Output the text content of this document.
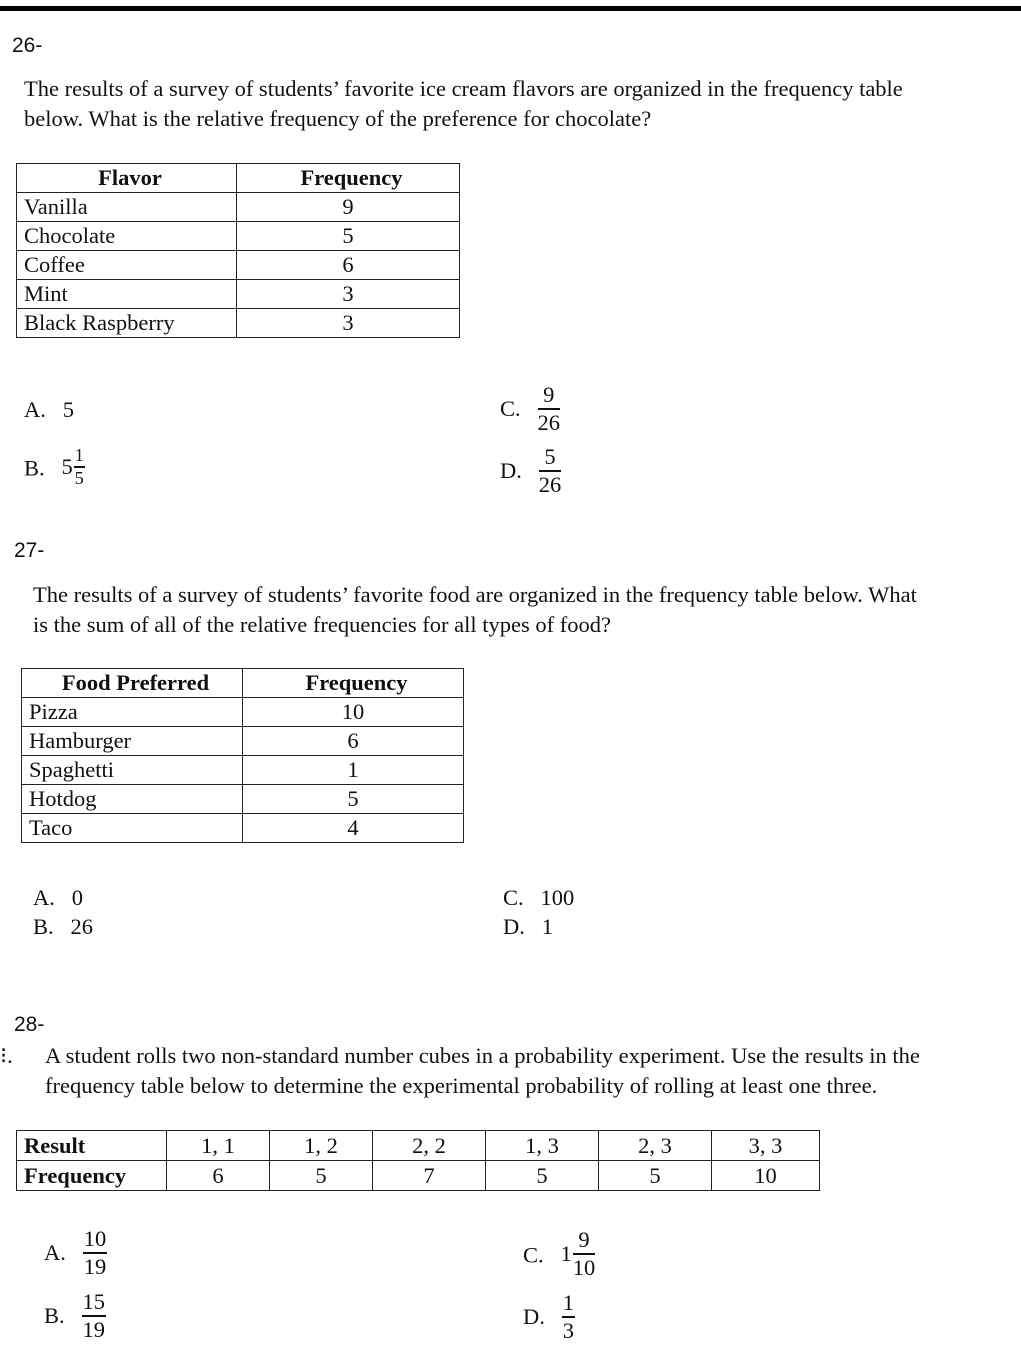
26-
The results of a survey of students’ favorite ice cream flavors are organized in the frequency table
below. What is the relative frequency of the preference for chocolate?
Flavor	Frequency
Vanilla	9
Chocolate	5
Coffee	6
Mint	3
Black Raspberry	3
A. 5
B. $5 \frac{1}{5}$
C. $\frac{9}{26}$
D. $\frac{5}{26}$
27-
The results of a survey of students’ favorite food are organized in the frequency table below. What
is the sum of all of the relative frequencies for all types of food?
Food Preferred	Frequency
Pizza	10
Hamburger	6
Spaghetti	1
Hotdog	5
Taco	4
A. 0
B. 26
C. 100
D. 1
28-
⁝. A student rolls two non-standard number cubes in a probability experiment. Use the results in the
frequency table below to determine the experimental probability of rolling at least one three.
Result	1, 1	1, 2	2, 2	1, 3	2, 3	3, 3
Frequency	6	5	7	5	5	10
A. $\frac{10}{19}$
B. $\frac{15}{19}$
C. $1 \frac{9}{10}$
D. $\frac{1}{3}$
